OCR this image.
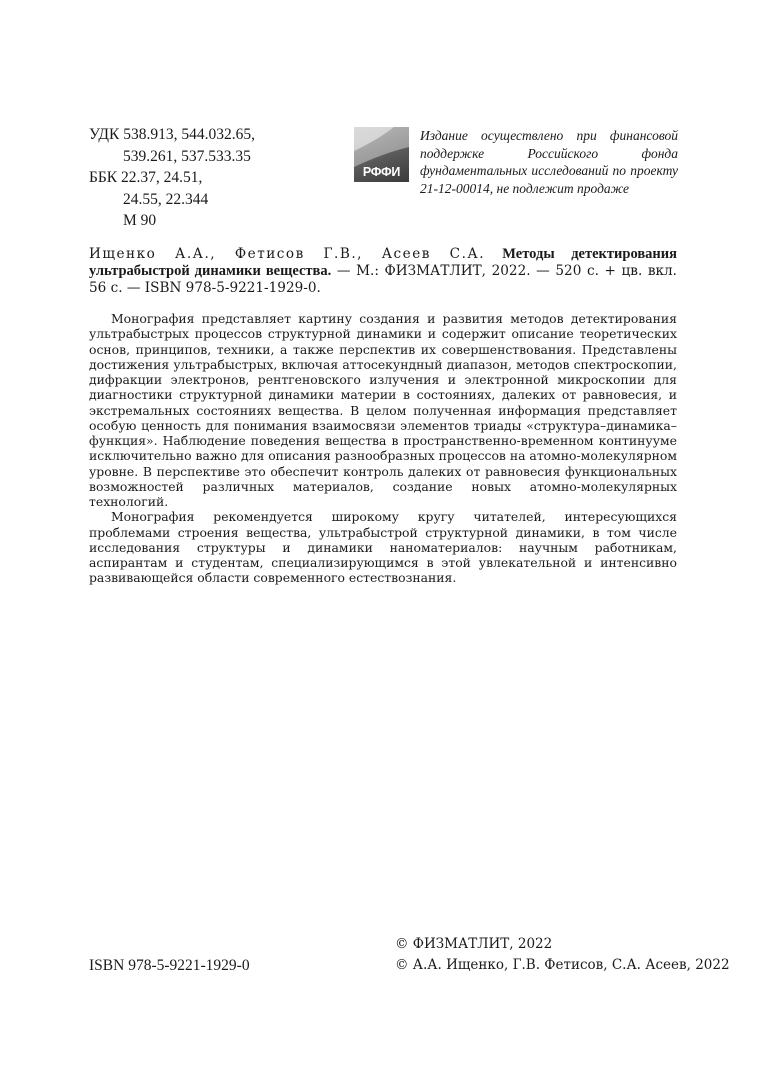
УДК 538.913, 544.032.65,
539.261, 537.533.35
ББК 22.37, 24.51,
24.55, 22.344
М 90
РФФИ
Издание осуществлено при финансовой поддержке Российского фонда фундаментальных исследований по проекту 21-12-00014, не подлежит продаже
Ищенко А.А., Фетисов Г.В., Асеев С.А. Методы детектирования ультрабыстрой динамики вещества. — М.: ФИЗМАТЛИТ, 2022. — 520 с. + цв. вкл. 56 с. — ISBN 978-5-9221-1929-0.

Монография представляет картину создания и развития методов детектирования ультрабыстрых процессов структурной динамики и содержит описание теоретических основ, принципов, техники, а также перспектив их совершенствования. Представлены достижения ультрабыстрых, включая аттосекундный диапазон, методов спектроскопии, дифракции электронов, рентгеновского излучения и электронной микроскопии для диагностики структурной динамики материи в состояниях, далеких от равновесия, и экстремальных состояниях вещества. В целом полученная информация представляет особую ценность для понимания взаимосвязи элементов триады «структура–динамика–функция». Наблюдение поведения вещества в пространственно-временном континууме исключительно важно для описания разнообразных процессов на атомно-молекулярном уровне. В перспективе это обеспечит контроль далеких от равновесия функциональных возможностей различных материалов, создание новых атомно-молекулярных технологий.

Монография рекомендуется широкому кругу читателей, интересующихся проблемами строения вещества, ультрабыстрой структурной динамики, в том числе исследования структуры и динамики наноматериалов: научным работникам, аспирантам и студентам, специализирующимся в этой увлекательной и интенсивно развивающейся области современного естествознания.

ISBN 978-5-9221-1929-0
© ФИЗМАТЛИТ, 2022
© А.А. Ищенко, Г.В. Фетисов, С.А. Асеев, 2022
